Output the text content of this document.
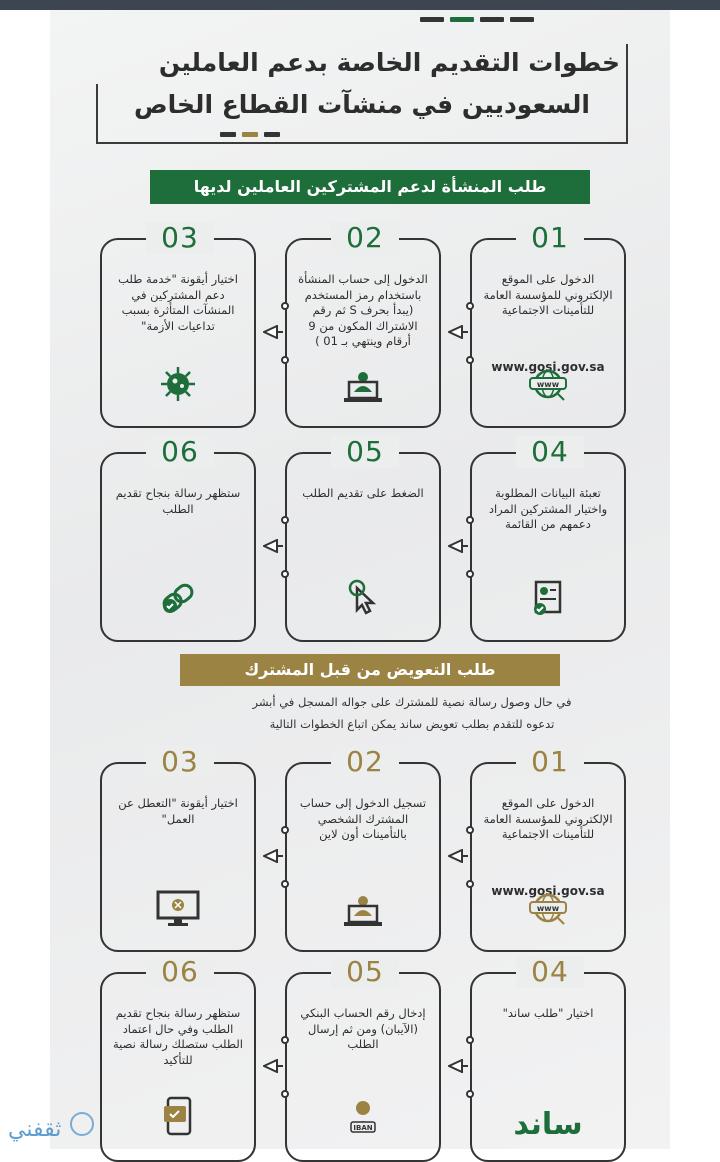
خطوات التقديم الخاصة بدعم العاملين
السعوديين في منشآت القطاع الخاص
طلب المنشأة لدعم المشتركين العاملين لديها
01
الدخول على الموقع الإلكتروني للمؤسسة العامة للتأمينات الاجتماعية
www.gosi.gov.sa
www
02
الدخول إلى حساب المنشأة باستخدام رمز المستخدم (يبدأ بحرف S ثم رقم الاشتراك المكون من 9 أرقام وينتهي بـ 01 )
03
اختيار أيقونة "خدمة طلب دعم المشتركين في المنشآت المتأثرة بسبب تداعيات الأزمة"
04
تعبئة البيانات المطلوبة واختيار المشتركين المراد دعمهم من القائمة
05
الضغط على تقديم الطلب
06
ستظهر رسالة بنجاح تقديم الطلب
طلب التعويض من قبل المشترك
في حال وصول رسالة نصية للمشترك على جواله المسجل في أبشر
تدعوه للتقدم بطلب تعويض ساند يمكن اتباع الخطوات التالية
01
الدخول على الموقع الإلكتروني للمؤسسة العامة للتأمينات الاجتماعية
www.gosi.gov.sa
www
02
تسجيل الدخول إلى حساب المشترك الشخصي بالتأمينات أون لاين
03
اختيار أيقونة "التعطل عن العمل"
04
اختيار "طلب ساند"
ساند
05
إدخال رقم الحساب البنكي (الآيبان) ومن ثم إرسال الطلب
IBAN
06
ستظهر رسالة بنجاح تقديم الطلب وفي حال اعتماد الطلب ستصلك رسالة نصية للتأكيد
ثقفني
